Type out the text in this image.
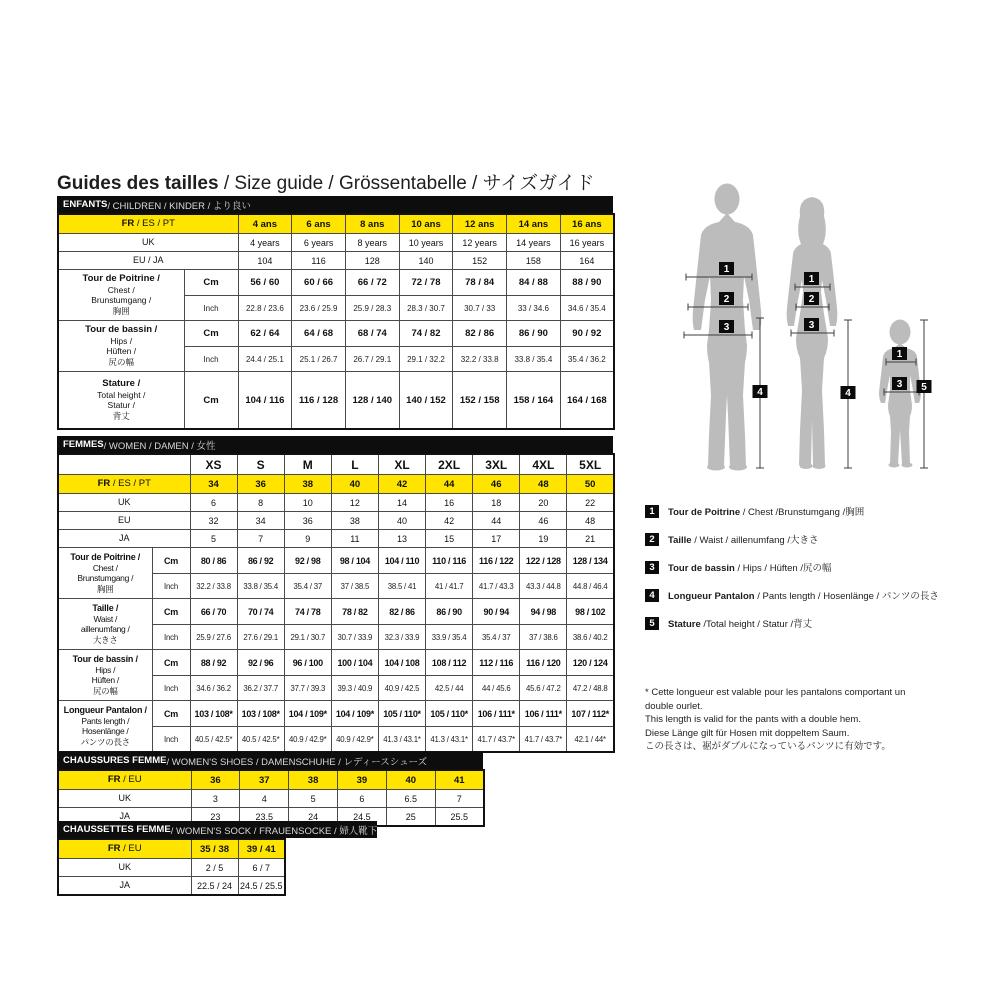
Guides des tailles / Size guide / Grössentabelle / サイズガイド
ENFANTS / CHILDREN / KINDER / より良い
FR / ES / PT		4 ans	6 ans	8 ans	10 ans	12 ans	14 ans	16 ans
UK		4 years	6 years	8 years	10 years	12 years	14 years	16 years
EU / JA		104	116	128	140	152	158	164

Tour de Poitrine /
Chest /
Brunstumgang /
胸囲	Cm	56 / 60	60 / 66	66 / 72	72 / 78	78 / 84	84 / 88	88 / 90
	Inch	22.8 / 23.6	23.6 / 25.9	25.9 / 28.3	28.3 / 30.7	30.7 / 33	33 / 34.6	34.6 / 35.4

Tour de bassin /
Hips /
Hüften /
尻の幅	Cm	62 / 64	64 / 68	68 / 74	74 / 82	82 / 86	86 / 90	90 / 92
	Inch	24.4 / 25.1	25.1 / 26.7	26.7 / 29.1	29.1 / 32.2	32.2 / 33.8	33.8 / 35.4	35.4 / 36.2

Stature /
Total height /
Statur /
背丈	Cm	104 / 116	116 / 128	128 / 140	140 / 152	152 / 158	158 / 164	164 / 168
FEMMES / WOMEN / DAMEN / 女性
		XS	S	M	L	XL	2XL	3XL	4XL	5XL
FR / ES / PT		34	36	38	40	42	44	46	48	50
UK		6	8	10	12	14	16	18	20	22
EU		32	34	36	38	40	42	44	46	48
JA		5	7	9	11	13	15	17	19	21

Tour de Poitrine /
Chest /
Brunstumgang /
胸囲	Cm	80 / 86	86 / 92	92 / 98	98 / 104	104 / 110	110 / 116	116 / 122	122 / 128	128 / 134
	Inch	32.2 / 33.8	33.8 / 35.4	35.4 / 37	37 / 38.5	38.5 / 41	41 / 41.7	41.7 / 43.3	43.3 / 44.8	44.8 / 46.4

Taille /
Waist /
aillenumfang /
大きさ	Cm	66 / 70	70 / 74	74 / 78	78 / 82	82 / 86	86 / 90	90 / 94	94 / 98	98 / 102
	Inch	25.9 / 27.6	27.6 / 29.1	29.1 / 30.7	30.7 / 33.9	32.3 / 33.9	33.9 / 35.4	35.4 / 37	37 / 38.6	38.6 / 40.2

Tour de bassin /
Hips /
Hüften /
尻の幅	Cm	88 / 92	92 / 96	96 / 100	100 / 104	104 / 108	108 / 112	112 / 116	116 / 120	120 / 124
	Inch	34.6 / 36.2	36.2 / 37.7	37.7 / 39.3	39.3 / 40.9	40.9 / 42.5	42.5 / 44	44 / 45.6	45.6 / 47.2	47.2 / 48.8

Longueur Pantalon /
Pants length /
Hosenlänge /
パンツの長さ	Cm	103 / 108*	103 / 108*	104 / 109*	104 / 109*	105 / 110*	105 / 110*	106 / 111*	106 / 111*	107 / 112*
	Inch	40.5 / 42.5*	40.5 / 42.5*	40.9 / 42.9*	40.9 / 42.9*	41.3 / 43.1*	41.3 / 43.1*	41.7 / 43.7*	41.7 / 43.7*	42.1 / 44*
CHAUSSURES FEMME / WOMEN'S SHOES / DAMENSCHUHE / レディースシューズ
FR / EU	36	37	38	39	40	41
UK	3	4	5	6	6.5	7
JA	23	23.5	24	24.5	25	25.5
CHAUSSETTES FEMME / WOMEN'S SOCK / FRAUENSOCKE / 婦人靴下
FR / EU	35 / 38	39 / 41
UK	2 / 5	6 / 7
JA	22.5 / 24	24.5 / 25.5
1
2
3
4
1
2
3
4
1
3 5
1	Tour de Poitrine / Chest /Brunstumgang /胸囲
2	Taille / Waist / aillenumfang /大きさ
3	Tour de bassin / Hips / Hüften /尻の幅
4	Longueur Pantalon / Pants length / Hosenlänge / パンツの長さ
5	Stature /Total height / Statur /背丈
* Cette longueur est valable pour les pantalons comportant un
double ourlet.
This length is valid for the pants with a double hem.
Diese Länge gilt für Hosen mit doppeltem Saum.
この長さは、裾がダブルになっているパンツに有効です。
